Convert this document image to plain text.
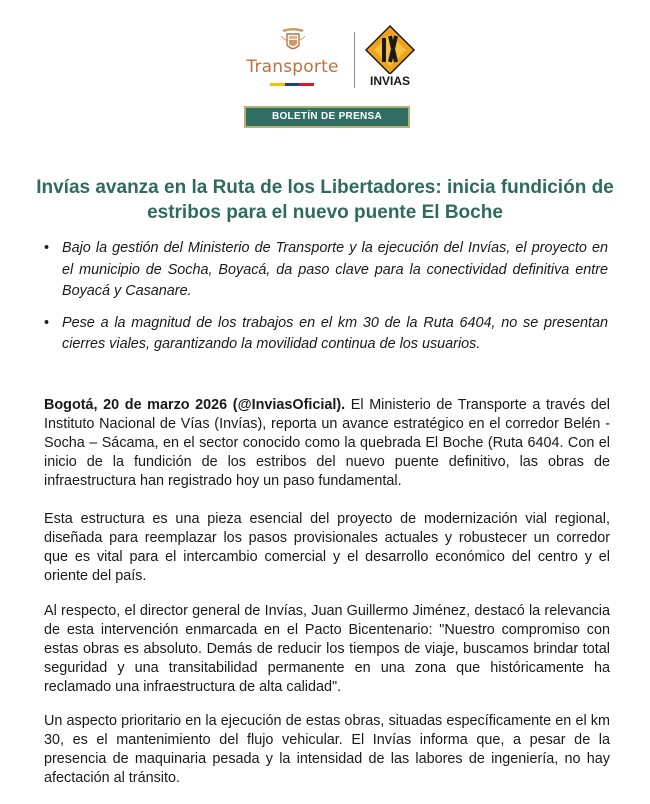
Transporte
INVIAS
BOLETÍN DE PRENSA
Invías avanza en la Ruta de los Libertadores: inicia fundición de estribos para el nuevo puente El Boche
• Bajo la gestión del Ministerio de Transporte y la ejecución del Invías, el proyecto en el municipio de Socha, Boyacá, da paso clave para la conectividad definitiva entre Boyacá y Casanare.
• Pese a la magnitud de los trabajos en el km 30 de la Ruta 6404, no se presentan cierres viales, garantizando la movilidad continua de los usuarios.

Bogotá, 20 de marzo 2026 (@InviasOficial). El Ministerio de Transporte a través del Instituto Nacional de Vías (Invías), reporta un avance estratégico en el corredor Belén - Socha – Sácama, en el sector conocido como la quebrada El Boche (Ruta 6404. Con el inicio de la fundición de los estribos del nuevo puente definitivo, las obras de infraestructura han registrado hoy un paso fundamental.

Esta estructura es una pieza esencial del proyecto de modernización vial regional, diseñada para reemplazar los pasos provisionales actuales y robustecer un corredor que es vital para el intercambio comercial y el desarrollo económico del centro y el oriente del país.

Al respecto, el director general de Invías, Juan Guillermo Jiménez, destacó la relevancia de esta intervención enmarcada en el Pacto Bicentenario: "Nuestro compromiso con estas obras es absoluto. Demás de reducir los tiempos de viaje, buscamos brindar total seguridad y una transitabilidad permanente en una zona que históricamente ha reclamado una infraestructura de alta calidad".

Un aspecto prioritario en la ejecución de estas obras, situadas específicamente en el km 30, es el mantenimiento del flujo vehicular. El Invías informa que, a pesar de la presencia de maquinaria pesada y la intensidad de las labores de ingeniería, no hay afectación al tránsito.
